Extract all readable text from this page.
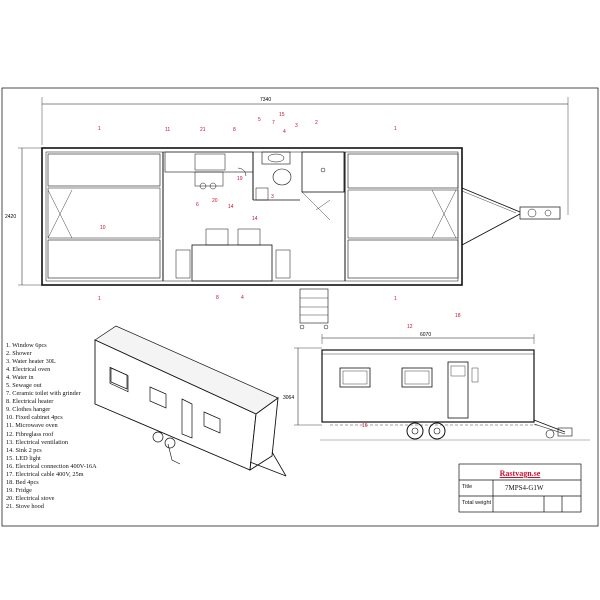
7340
2420
1	1
1	1
11	21	8
2
5 7
15
4
3
10
8	4
20
19
6
3
14
14
18
6070
3064
12
16
1. Window 6pcs
2. Shower
3. Water heater 30L
4. Electrical oven
4. Water in
5. Sewage out
7. Ceramic toilet with grinder
8. Electrical heater
9. Clothes hanger
10. Fixed cabinet 4pcs
11. Microwave oven
12. Fibreglass roof
13. Electrical ventilation
14. Sink 2 pcs
15. LED light
16. Electrical connection 400V-16A
17. Electrical cable 400V, 25m
18. Bed 4pcs
19. Fridge
20. Electrical stove
21. Stove hood
Rastvagn.se
Title	7MPS4-G1W
Total weight
